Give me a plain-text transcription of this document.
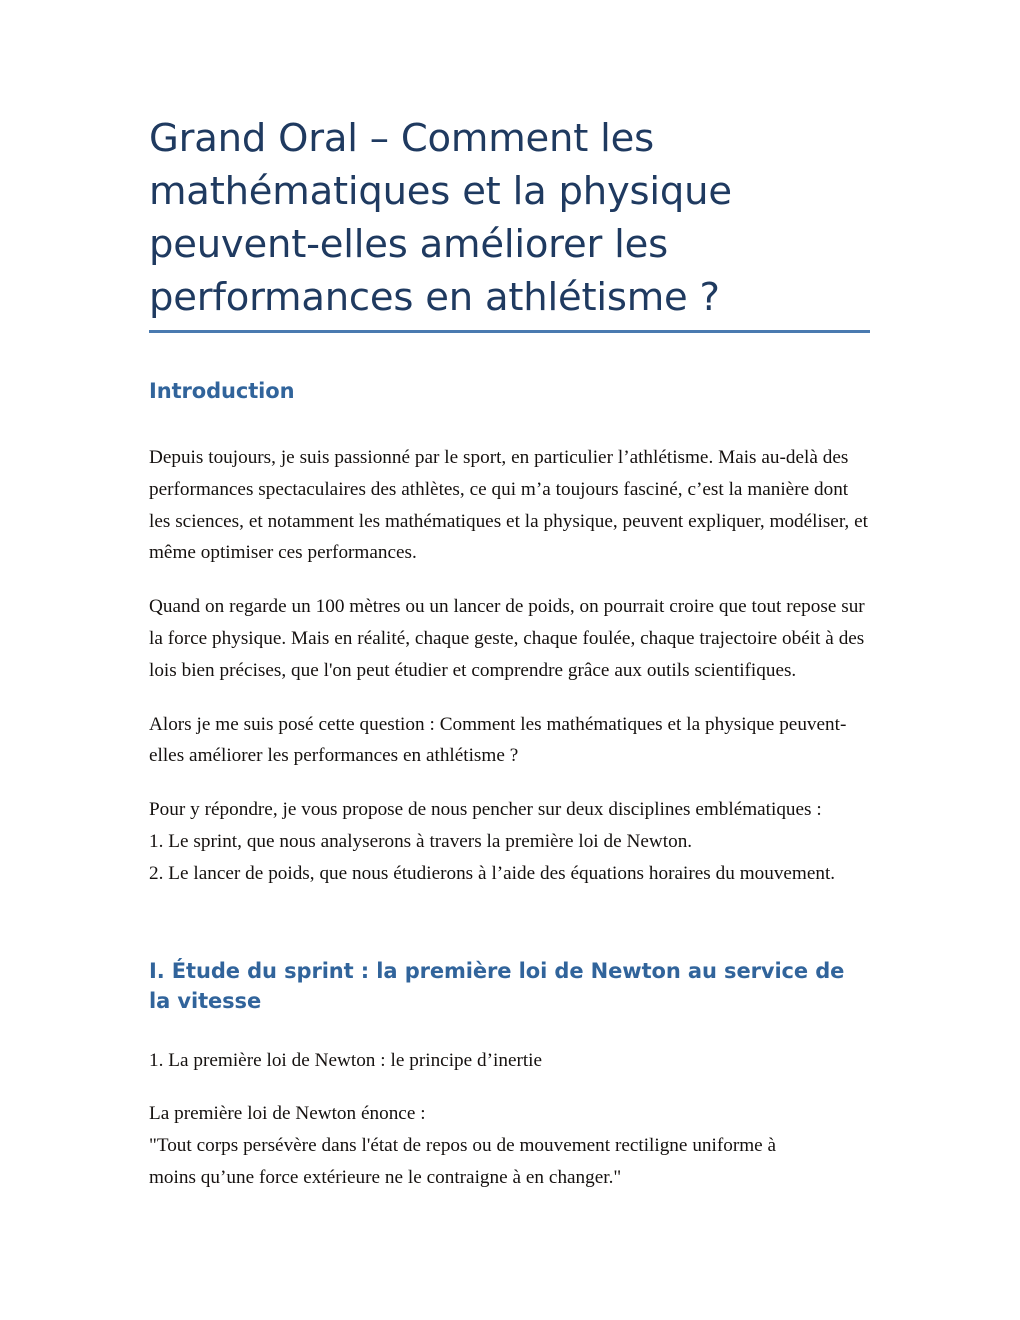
Grand Oral – Comment les mathématiques et la physique peuvent-elles améliorer les performances en athlétisme ?
Introduction

Depuis toujours, je suis passionné par le sport, en particulier l’athlétisme. Mais au-delà des performances spectaculaires des athlètes, ce qui m’a toujours fasciné, c’est la manière dont les sciences, et notamment les mathématiques et la physique, peuvent expliquer, modéliser, et même optimiser ces performances.

Quand on regarde un 100 mètres ou un lancer de poids, on pourrait croire que tout repose sur la force physique. Mais en réalité, chaque geste, chaque foulée, chaque trajectoire obéit à des lois bien précises, que l'on peut étudier et comprendre grâce aux outils scientifiques.

Alors je me suis posé cette question : Comment les mathématiques et la physique peuvent-elles améliorer les performances en athlétisme ?

Pour y répondre, je vous propose de nous pencher sur deux disciplines emblématiques :
1. Le sprint, que nous analyserons à travers la première loi de Newton.
2. Le lancer de poids, que nous étudierons à l’aide des équations horaires du mouvement.

I. Étude du sprint : la première loi de Newton au service de la vitesse

1. La première loi de Newton : le principe d’inertie

La première loi de Newton énonce :
"Tout corps persévère dans l'état de repos ou de mouvement rectiligne uniforme à
moins qu’une force extérieure ne le contraigne à en changer."
